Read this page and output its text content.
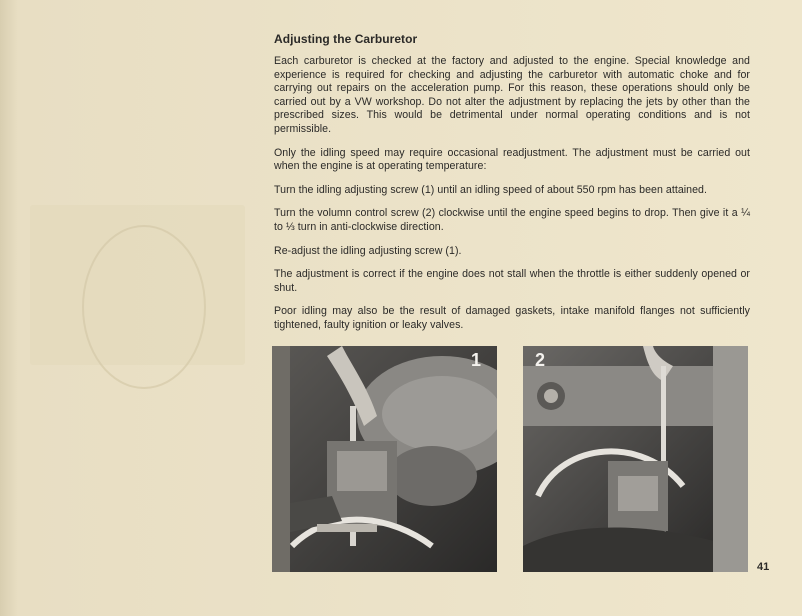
Adjusting the Carburetor

Each carburetor is checked at the factory and adjusted to the engine. Special knowledge and experience is required for checking and adjusting the carburetor with automatic choke and for carrying out repairs on the acceleration pump. For this reason, these operations should only be carried out by a VW workshop. Do not alter the adjustment by replacing the jets by other than the prescribed sizes. This would be detrimental under normal operating conditions and is not permissible.

Only the idling speed may require occasional readjustment. The adjustment must be carried out when the engine is at operating temperature:

Turn the idling adjusting screw (1) until an idling speed of about 550 rpm has been attained.

Turn the volumn control screw (2) clockwise until the engine speed begins to drop. Then give it a ¼ to ⅓ turn in anti-clockwise direction.

Re-adjust the idling adjusting screw (1).

The adjustment is correct if the engine does not stall when the throttle is either suddenly opened or shut.

Poor idling may also be the result of damaged gaskets, intake manifold flanges not sufficiently tightened, faulty ignition or leaky valves.

1	2
41
